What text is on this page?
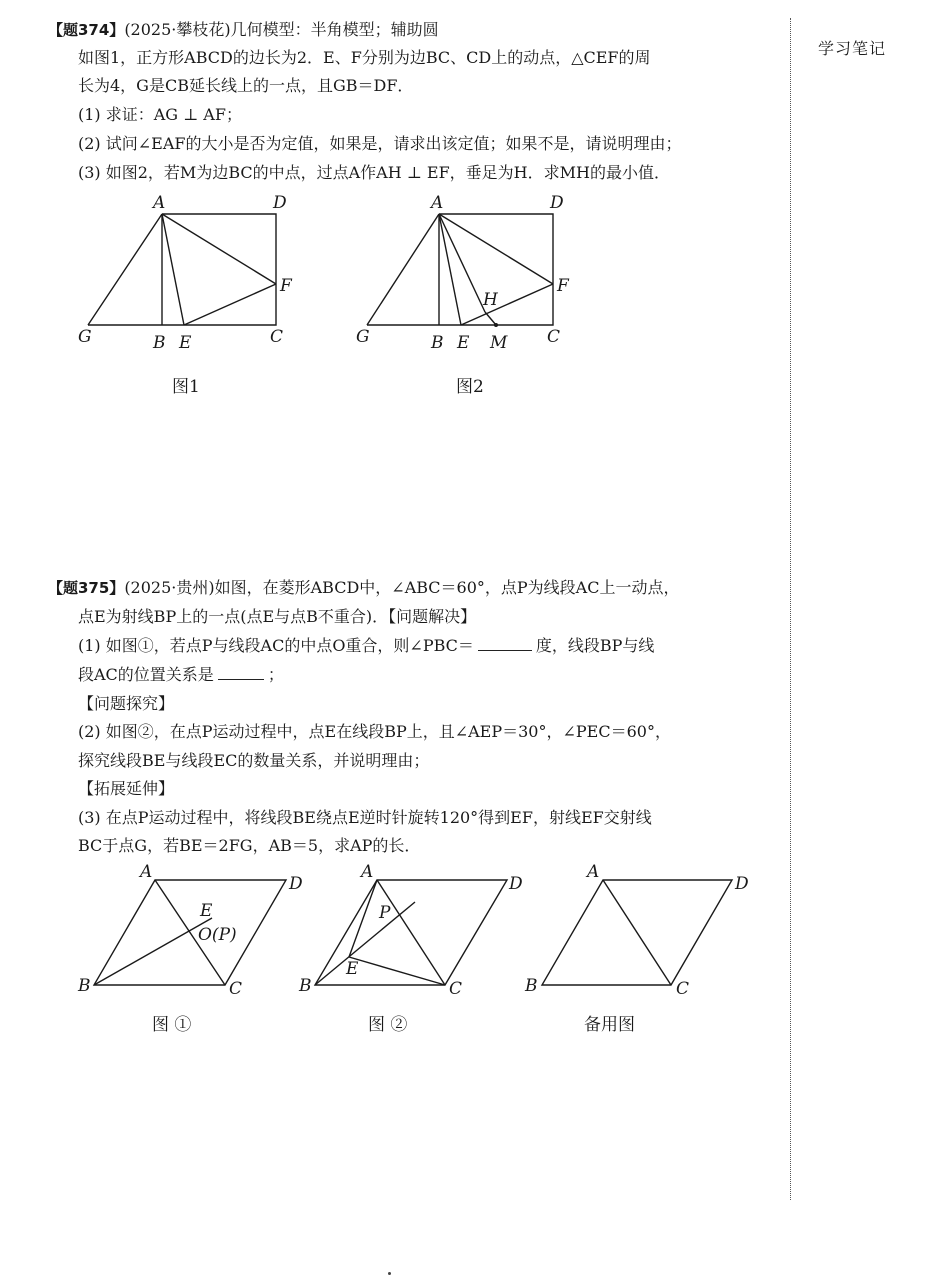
学习笔记
【题374】(2025·攀枝花)几何模型：半角模型；辅助圆
如图1，正方形ABCD的边长为2．E、F分别为边BC、CD上的动点，△CEF的周
长为4，G是CB延长线上的一点，且GB＝DF．
(1) 求证：AG ⊥ AF；
(2) 试问∠EAF的大小是否为定值，如果是，请求出该定值；如果不是，请说明理由；
(3) 如图2，若M为边BC的中点，过点A作AH ⊥ EF，垂足为H．求MH的最小值．
A	D
F
G	B E	C
图1
A	D
F
H
G	B E M C
图2
【题375】(2025·贵州)如图，在菱形ABCD中，∠ABC＝60°，点P为线段AC上一动点，
点E为射线BP上的一点(点E与点B不重合)．【问题解决】
(1) 如图①，若点P与线段AC的中点O重合，则∠PBC＝	度，线段BP与线
段AC的位置关系是	；
【问题探究】
(2) 如图②，在点P运动过程中，点E在线段BP上，且∠AEP＝30°，∠PEC＝60°，
探究线段BE与线段EC的数量关系，并说明理由；
【拓展延伸】
(3) 在点P运动过程中，将线段BE绕点E逆时针旋转120°得到EF，射线EF交射线
BC于点G，若BE＝2FG，AB＝5，求AP的长．
A
D
E
O(P)
B	C
图 ①
A
D
P
E
B	C
图 ②
A
D
B	C
备用图
